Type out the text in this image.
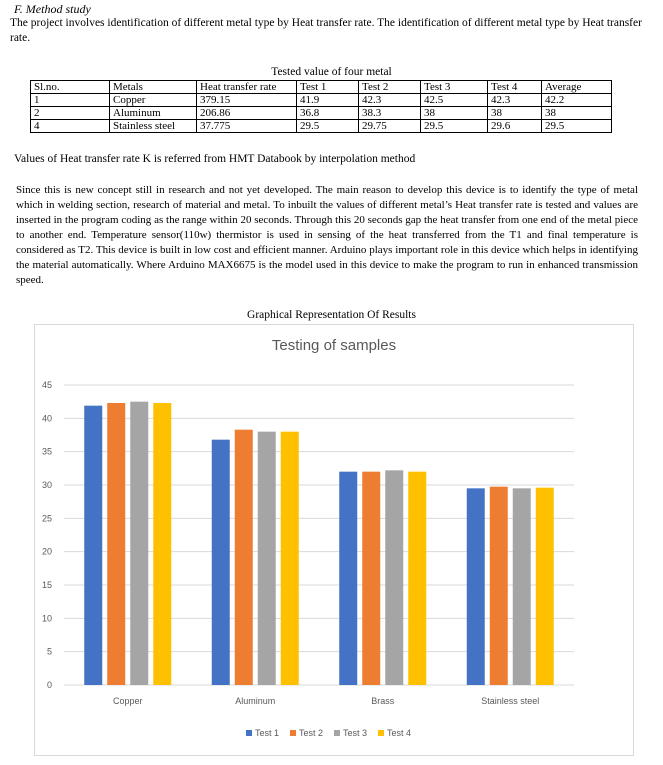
F. Method study
The project involves identification of different metal type by Heat transfer rate. The identification of different metal type by Heat transfer rate.
Tested value of four metal
Sl.no.	Metals	Heat transfer rate	Test 1	Test 2	Test 3	Test 4	Average
1	Copper	379.15	41.9	42.3	42.5	42.3	42.2
2	Aluminum	206.86	36.8	38.3	38	38	38
4	Stainless steel	37.775	29.5	29.75	29.5	29.6	29.5
Values of Heat transfer rate K is referred from HMT Databook by interpolation method
Since this is new concept still in research and not yet developed. The main reason to develop this device is to identify the type of metal which in welding section, research of material and metal. To inbuilt the values of different metal’s Heat transfer rate is tested and values are inserted in the program coding as the range within 20 seconds. Through this 20 seconds gap the heat transfer from one end of the metal piece to another end. Temperature sensor(110w) thermistor is used in sensing of the heat transferred from the T1 and final temperature is considered as T2. This device is built in low cost and efficient manner. Arduino plays important role in this device which helps in identifying the material automatically. Where Arduino MAX6675 is the model used in this device to make the program to run in enhanced transmission speed.
Graphical Representation Of Results
Testing of samples
0
5
10
15
20
25
30
35
40
45
Copper	Aluminum	Brass	Stainless steel
Test 1 Test 2 Test 3 Test 4
